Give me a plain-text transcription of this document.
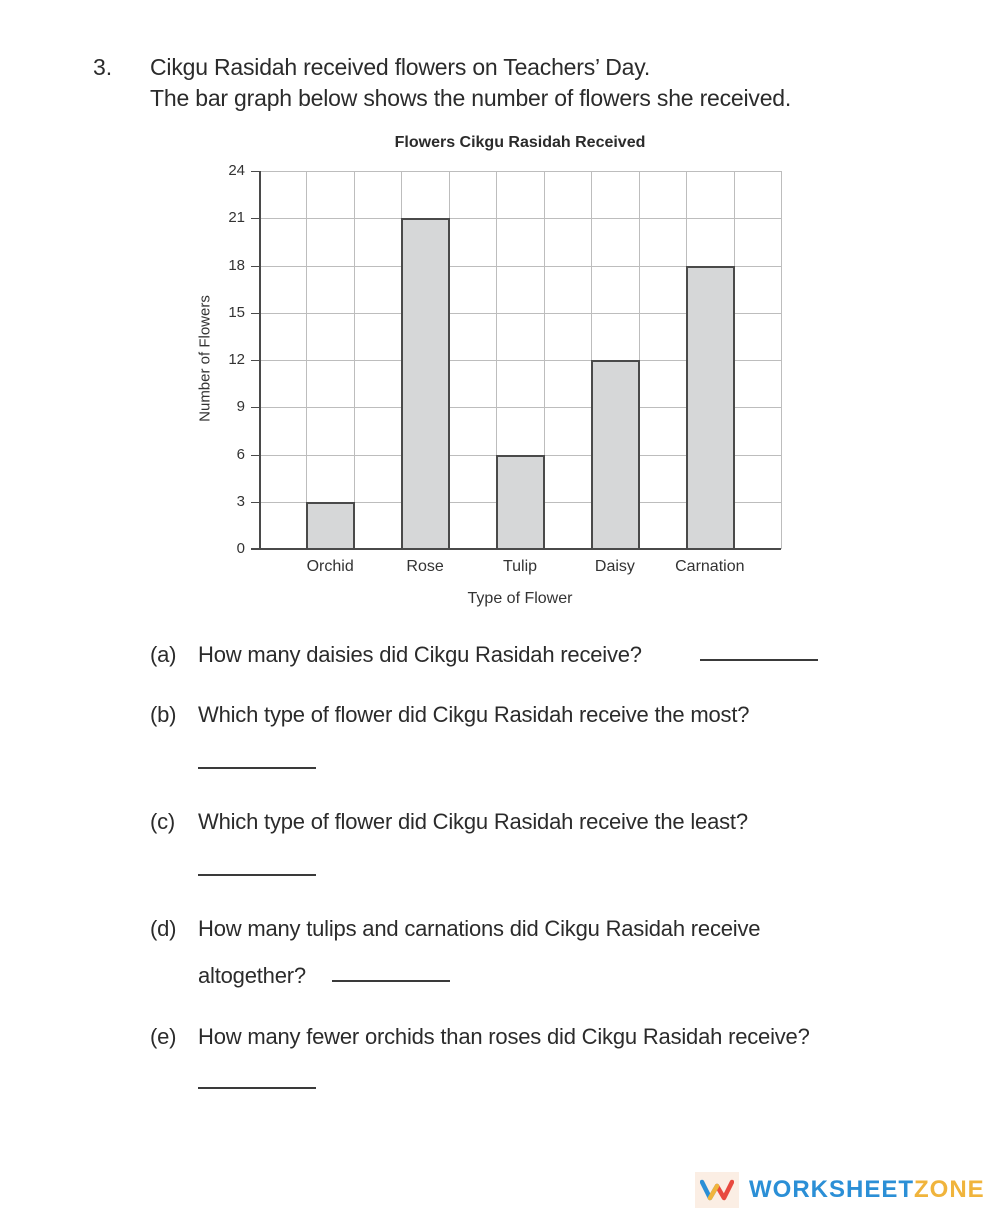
3. Cikgu Rasidah received flowers on Teachers’ Day.
The bar graph below shows the number of flowers she received.
Flowers Cikgu Rasidah Received
Number of Flowers
Type of Flower
Orchid	Rose	Tulip	Daisy	Carnation
0
3
6
9
12
15
18
21
24
(a) How many daisies did Cikgu Rasidah receive?
(b) Which type of flower did Cikgu Rasidah receive the most?
(c) Which type of flower did Cikgu Rasidah receive the least?
(d) How many tulips and carnations did Cikgu Rasidah receive
altogether?
(e) How many fewer orchids than roses did Cikgu Rasidah receive?
WORKSHEETZONE
